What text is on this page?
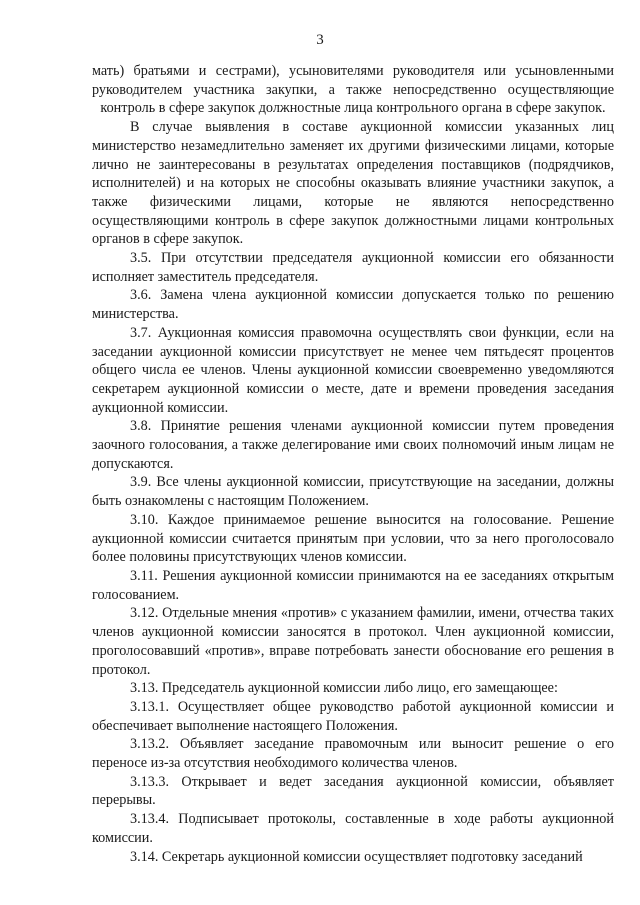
3

мать) братьями и сестрами), усыновителями руководителя или усыновленными руководителем участника закупки, а также непосредственно осуществляющие контроль в сфере закупок должностные лица контрольного органа в сфере закупок.

В случае выявления в составе аукционной комиссии указанных лиц министерство незамедлительно заменяет их другими физическими лицами, которые лично не заинтересованы в результатах определения поставщиков (подрядчиков, исполнителей) и на которых не способны оказывать влияние участники закупок, а также физическими лицами, которые не являются непосредственно осуществляющими контроль в сфере закупок должностными лицами контрольных органов в сфере закупок.

3.5. При отсутствии председателя аукционной комиссии его обязанности исполняет заместитель председателя.

3.6. Замена члена аукционной комиссии допускается только по решению министерства.

3.7. Аукционная комиссия правомочна осуществлять свои функции, если на заседании аукционной комиссии присутствует не менее чем пятьдесят процентов общего числа ее членов. Члены аукционной комиссии своевременно уведомляются секретарем аукционной комиссии о месте, дате и времени проведения заседания аукционной комиссии.

3.8. Принятие решения членами аукционной комиссии путем проведения заочного голосования, а также делегирование ими своих полномочий иным лицам не допускаются.

3.9. Все члены аукционной комиссии, присутствующие на заседании, должны быть ознакомлены с настоящим Положением.

3.10. Каждое принимаемое решение выносится на голосование. Решение аукционной комиссии считается принятым при условии, что за него проголосовало более половины присутствующих членов комиссии.

3.11. Решения аукционной комиссии принимаются на ее заседаниях открытым голосованием.

3.12. Отдельные мнения «против» с указанием фамилии, имени, отчества таких членов аукционной комиссии заносятся в протокол. Член аукционной комиссии, проголосовавший «против», вправе потребовать занести обоснование его решения в протокол.

3.13. Председатель аукционной комиссии либо лицо, его замещающее:

3.13.1. Осуществляет общее руководство работой аукционной комиссии и обеспечивает выполнение настоящего Положения.

3.13.2. Объявляет заседание правомочным или выносит решение о его переносе из-за отсутствия необходимого количества членов.

3.13.3. Открывает и ведет заседания аукционной комиссии, объявляет перерывы.

3.13.4. Подписывает протоколы, составленные в ходе работы аукционной комиссии.

3.14. Секретарь аукционной комиссии осуществляет подготовку заседаний
